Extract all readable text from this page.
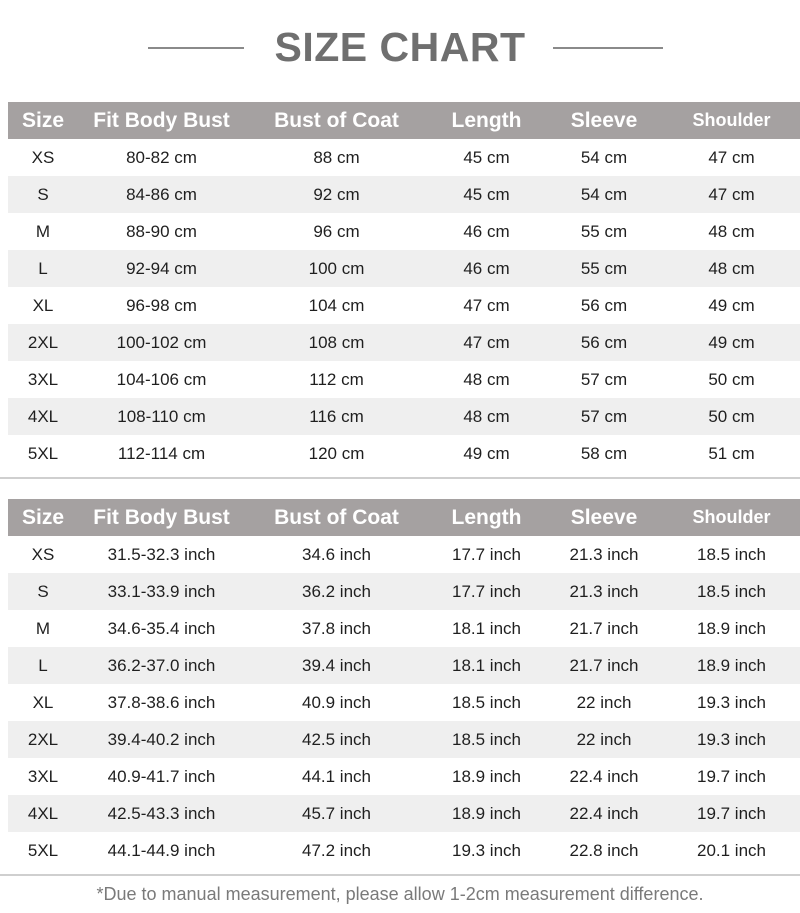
SIZE CHART
Size	Fit Body Bust	Bust of Coat	Length	Sleeve	Shoulder
XS	80-82 cm	88 cm	45 cm	54 cm	47 cm
S	84-86 cm	92 cm	45 cm	54 cm	47 cm
M	88-90 cm	96 cm	46 cm	55 cm	48 cm
L	92-94 cm	100 cm	46 cm	55 cm	48 cm
XL	96-98 cm	104 cm	47 cm	56 cm	49 cm
2XL	100-102 cm	108 cm	47 cm	56 cm	49 cm
3XL	104-106 cm	112 cm	48 cm	57 cm	50 cm
4XL	108-110 cm	116 cm	48 cm	57 cm	50 cm
5XL	112-114 cm	120 cm	49 cm	58 cm	51 cm
Size	Fit Body Bust	Bust of Coat	Length	Sleeve	Shoulder
XS	31.5-32.3 inch	34.6 inch	17.7 inch	21.3 inch	18.5 inch
S	33.1-33.9 inch	36.2 inch	17.7 inch	21.3 inch	18.5 inch
M	34.6-35.4 inch	37.8 inch	18.1 inch	21.7 inch	18.9 inch
L	36.2-37.0 inch	39.4 inch	18.1 inch	21.7 inch	18.9 inch
XL	37.8-38.6 inch	40.9 inch	18.5 inch	22 inch	19.3 inch
2XL	39.4-40.2 inch	42.5 inch	18.5 inch	22 inch	19.3 inch
3XL	40.9-41.7 inch	44.1 inch	18.9 inch	22.4 inch	19.7 inch
4XL	42.5-43.3 inch	45.7 inch	18.9 inch	22.4 inch	19.7 inch
5XL	44.1-44.9 inch	47.2 inch	19.3 inch	22.8 inch	20.1 inch
*Due to manual measurement, please allow 1-2cm measurement difference.
